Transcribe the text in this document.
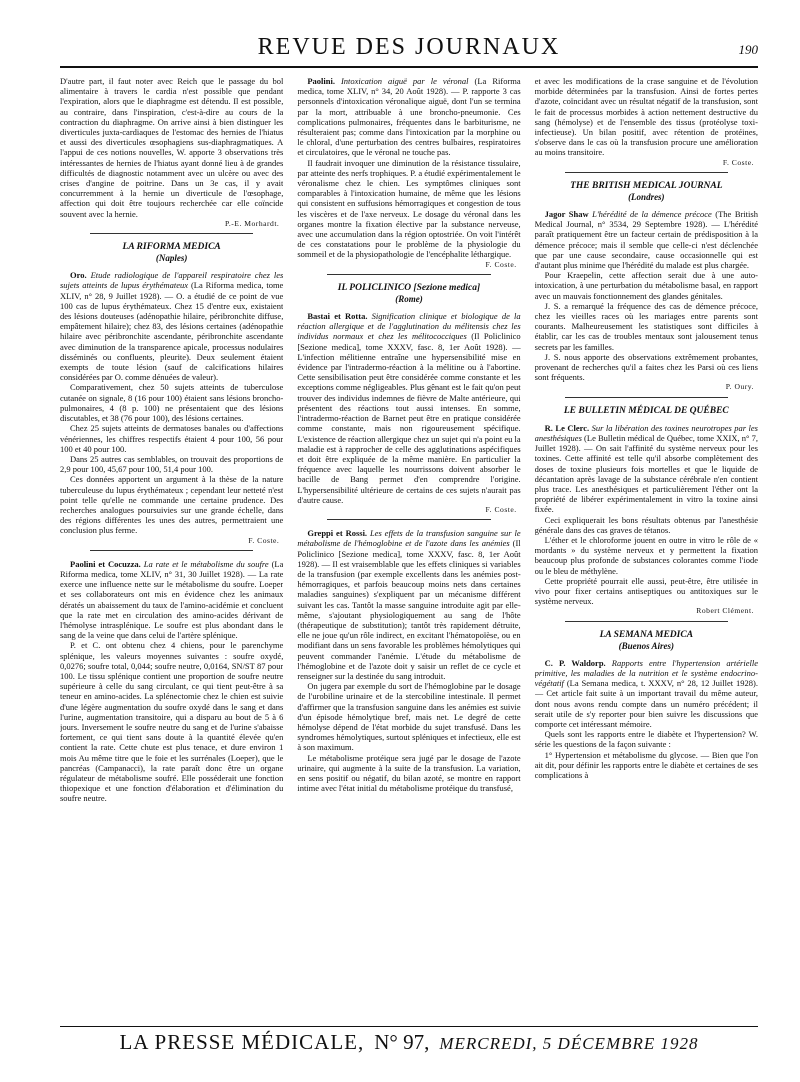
REVUE DES JOURNAUX	190

D'autre part, il faut noter avec Reich que le passage du bol alimentaire à travers le cardia n'est possible que pendant l'expiration, alors que le diaphragme est détendu. Il est possible, au contraire, dans l'inspiration, c'est-à-dire au cours de la contraction du diaphragme. On arrive ainsi à bien distinguer les diverticules juxta-cardiaques de l'estomac des hernies de l'hiatus et aussi des diverticules œsophagiens sus-diaphragmatiques. A l'appui de ces notions nouvelles, W. apporte 3 observations très intéressantes de hernies de l'hiatus ayant donné lieu à de grandes difficultés de diagnostic notamment avec un ulcère ou avec des crises d'angine de poitrine. Dans un 3e cas, il y avait concurremment à la hernie un diverticule de l'œsophage, affection qui doit être toujours recherchée car elle coïncide souvent avec la hernie.

P.-E. Morhardt.

LA RIFORMA MEDICA
(Naples)

Oro. Etude radiologique de l'appareil respiratoire chez les sujets atteints de lupus érythémateux (La Riforma medica, tome XLIV, n° 28, 9 Juillet 1928). — O. a étudié de ce point de vue 100 cas de lupus érythémateux. Chez 15 d'entre eux, existaient des lésions douteuses (adénopathie hilaire, péribronchite diffuse, empâtement hilaire); chez 83, des lésions certaines (adénopathie hilaire avec péribronchite ascendante, péribronchite ascendante avec diminution de la transparence apicale, processus nodulaires disséminés ou confluents, pleurite). Deux seulement étaient exempts de toute lésion (sauf de calcifications hilaires considérées par O. comme dénuées de valeur).

Comparativement, chez 50 sujets atteints de tuberculose cutanée on signale, 8 (16 pour 100) étaient sans lésions broncho-pulmonaires, 4 (8 p. 100) ne présentaient que des lésions discutables, et 38 (76 pour 100), des lésions certaines.

Chez 25 sujets atteints de dermatoses banales ou d'affections vénériennes, les chiffres respectifs étaient 4 pour 100, 56 pour 100 et 40 pour 100.

Dans 25 autres cas semblables, on trouvait des proportions de 2,9 pour 100, 45,67 pour 100, 51,4 pour 100.

Ces données apportent un argument à la thèse de la nature tuberculeuse du lupus érythémateux ; cependant leur netteté n'est point telle qu'elle ne commande une certaine prudence. Des recherches analogues poursuivies sur une grande échelle, dans des régions différentes les unes des autres, permettraient une conclusion plus ferme.

F. Coste.

Paolini et Cocuzza. La rate et le métabolisme du soufre (La Riforma medica, tome XLIV, n° 31, 30 Juillet 1928). — La rate exerce une influence nette sur le métabolisme du soufre. Loeper et ses collaborateurs ont mis en évidence chez les animaux dératés un abaissement du taux de l'amino-acidémie et concluent que la rate met en circulation des amino-acides dérivant de l'hémolyse intrasplénique. Le soufre est plus abondant dans le sang de la veine que dans celui de l'artère splénique.

P. et C. ont obtenu chez 4 chiens, pour le parenchyme splénique, les valeurs moyennes suivantes : soufre oxydé, 0,0276; soufre total, 0,044; soufre neutre, 0,0164, SN/ST 87 pour 100. Le tissu splénique contient une proportion de soufre neutre supérieure à celle du sang circulant, ce qui tient peut-être à sa teneur en amino-acides. La splénectomie chez le chien est suivie d'une légère augmentation du soufre oxydé dans le sang et dans l'urine, augmentation transitoire, qui a disparu au bout de 5 à 6 jours. Inversement le soufre neutre du sang et de l'urine s'abaisse fortement, ce qui tient sans doute à la quantité élevée qu'en contient la rate. Cette chute est plus tenace, et dure environ 1 mois Au même titre que le foie et les surrénales (Loeper), que le pancréas (Campanacci), la rate paraît donc être un organe régulateur de métabolisme soufré. Elle posséderait une fonction thiopexique et une fonction d'élaboration et d'élimination du soufre neutre.

Paolini. Intoxication aiguë par le véronal (La Riforma medica, tome XLIV, n° 34, 20 Août 1928). — P. rapporte 3 cas personnels d'intoxication véronalique aiguë, dont l'un se termina par la mort, attribuable à une broncho-pneumonie. Ces complications pulmonaires, fréquentes dans le barbiturisme, ne résulteraient pas; comme dans l'intoxication par la morphine ou le chloral, d'une perturbation des centres bulbaires, respiratoires et circulatoires, que le véronal ne touche pas.

Il faudrait invoquer une diminution de la résistance tissulaire, par atteinte des nerfs trophiques. P. a étudié expérimentalement le véronalisme chez le chien. Les symptômes cliniques sont comparables à l'intoxication humaine, de même que les lésions qui consistent en suffusions hémorragiques et congestion de tous les viscères et de l'axe nerveux. Le dosage du véronal dans les organes montre la fixation élective par la substance nerveuse, avec une accumulation dans la région optostriée. On voit l'intérêt de ces constatations pour le problème de la physiologie du sommeil et de la physiopathologie de l'encéphalite léthargique.

F. Coste.

IL POLICLINICO [Sezione medica]
(Rome)

Bastai et Rotta. Signification clinique et biologique de la réaction allergique et de l'agglutination du mélitensis chez les individus normaux et chez les mélitococciques (Il Policlinico [Sezione medica], tome XXXV, fasc. 8, 1er Août 1928). — L'infection mélitienne entraîne une hypersensibilité mise en évidence par l'intradermo-réaction à la mélitine ou à l'abortine. Cette sensibilisation peut être considérée comme constante et les exceptions comme négligeables. Plus gênant est le fait qu'on peut trouver des individus indemnes de fièvre de Malte antérieure, qui présentent des réactions tout aussi intenses. En somme, l'intradermo-réaction de Barnet peut être en pratique considérée comme constante, mais non rigoureusement spécifique. L'existence de réaction allergique chez un sujet qui n'a point eu la maladie est à rapprocher de celle des agglutinations aspécifiques et doit être expliquée de la même manière. En particulier la fréquence avec laquelle les nourrissons doivent absorber le bacille de Bang permet d'en comprendre l'origine. L'hypersensibilité ultérieure de certains de ces sujets n'aurait pas d'autre cause.

F. Coste.

Greppi et Rossi. Les effets de la transfusion sanguine sur le métabolisme de l'hémoglobine et de l'azote dans les anémies (Il Policlinico [Sezione medica], tome XXXV, fasc. 8, 1er Août 1928). — Il est vraisemblable que les effets cliniques si variables de la transfusion (par exemple excellents dans les anémies post-hémorragiques, et parfois beaucoup moins nets dans certaines maladies sanguines) s'expliquent par un mécanisme différent suivant les cas. Tantôt la masse sanguine introduite agit par elle-même, s'ajoutant physiologiquement au sang de l'hôte (thérapeutique de substitution); tantôt très rapidement détruite, elle ne joue qu'un rôle indirect, en excitant l'hématopoïèse, ou en modifiant dans un sens favorable les problèmes hémolytiques qui peuvent commander l'anémie. L'étude du métabolisme de l'hémoglobine et de l'azote doit y saisir un reflet de ce cycle et renseigner sur la destinée du sang introduit.

On jugera par exemple du sort de l'hémoglobine par le dosage de l'urobiline urinaire et de la stercobiline intestinale. Il permet d'affirmer que la transfusion sanguine dans les anémies est suivie d'un épisode hémolytique bref, mais net. Le degré de cette hémolyse dépend de l'état morbide du sujet transfusé. Dans les syndromes hémolytiques, surtout spléniques et infectieux, elle est à son maximum.

Le métabolisme protéique sera jugé par le dosage de l'azote urinaire, qui augmente à la suite de la transfusion. La variation, en sens positif ou négatif, du bilan azoté, se montre en rapport intime avec l'état initial du métabolisme protéique du transfusé,

et avec les modifications de la crase sanguine et de l'évolution morbide déterminées par la transfusion. Ainsi de fortes pertes d'azote, coïncidant avec un résultat négatif de la transfusion, sont le fait de processus morbides à action nettement destructive du sang (hémolyse) et de l'ensemble des tissus (protéolyse toxi-infectieuse). Un bilan positif, avec rétention de protéines, s'observe dans le cas où la transfusion procure une amélioration au moins transitoire.

F. Coste.

THE BRITISH MEDICAL JOURNAL
(Londres)

Jagor Shaw L'hérédité de la démence précoce (The British Medical Journal, n° 3534, 29 Septembre 1928). — L'hérédité paraît pratiquement être un facteur certain de prédisposition à la démence précoce; mais il semble que celle-ci n'est déclenchée que par une cause secondaire, cause occasionnelle qui est d'autant plus minime que l'hérédité du malade est plus chargée.

Pour Kraepelin, cette affection serait due à une auto-intoxication, à une perturbation du métabolisme basal, en rapport avec un mauvais fonctionnement des glandes génitales.

J. S. a remarqué la fréquence des cas de démence précoce, chez les vieilles races où les mariages entre parents sont courants. Malheureusement les statistiques sont difficiles à établir, car les cas de troubles mentaux sont jalousement tenus secrets par les familles.

J. S. nous apporte des observations extrêmement probantes, provenant de recherches qu'il a faites chez les Parsi où ces liens sont fréquents.

P. Oury.

LE BULLETIN MÉDICAL DE QUÉBEC

R. Le Clerc. Sur la libération des toxines neurotropes par les anesthésiques (Le Bulletin médical de Québec, tome XXIX, n° 7, Juillet 1928). — On sait l'affinité du système nerveux pour les toxines. Cette affinité est telle qu'il absorbe complètement des doses de toxine plusieurs fois mortelles et que le liquide de décantation après lavage de la substance cérébrale n'en contient plus trace. Les anesthésiques et particulièrement l'éther ont la propriété de libérer expérimentalement in vitro la toxine ainsi fixée.

Ceci expliquerait les bons résultats obtenus par l'anesthésie générale dans des cas graves de tétanos.

L'éther et le chloroforme jouent en outre in vitro le rôle de « mordants » du système nerveux et y permettent la fixation beaucoup plus profonde de substances colorantes comme l'iode ou le bleu de méthylène.

Cette propriété pourrait elle aussi, peut-être, être utilisée in vivo pour fixer certains antiseptiques ou antitoxiques sur le système nerveux.

Robert Clément.

LA SEMANA MEDICA
(Buenos Aires)

C. P. Waldorp. Rapports entre l'hypertension artérielle primitive, les maladies de la nutrition et le système endocrino-végétatif (La Semana medica, t. XXXV, n° 28, 12 Juillet 1928). — Cet article fait suite à un important travail du même auteur, dont nous avons rendu compte dans un numéro précédent; il serait utile de s'y reporter pour bien suivre les discussions que comporte cet intéressant mémoire.

Quels sont les rapports entre le diabète et l'hypertension? W. série les questions de la façon suivante :

1° Hypertension et métabolisme du glycose. — Bien que l'on ait dit, pour définir les rapports entre le diabète et certaines de ses complications à

LA PRESSE MÉDICALE, N° 97, MERCREDI, 5 DÉCEMBRE 1928
